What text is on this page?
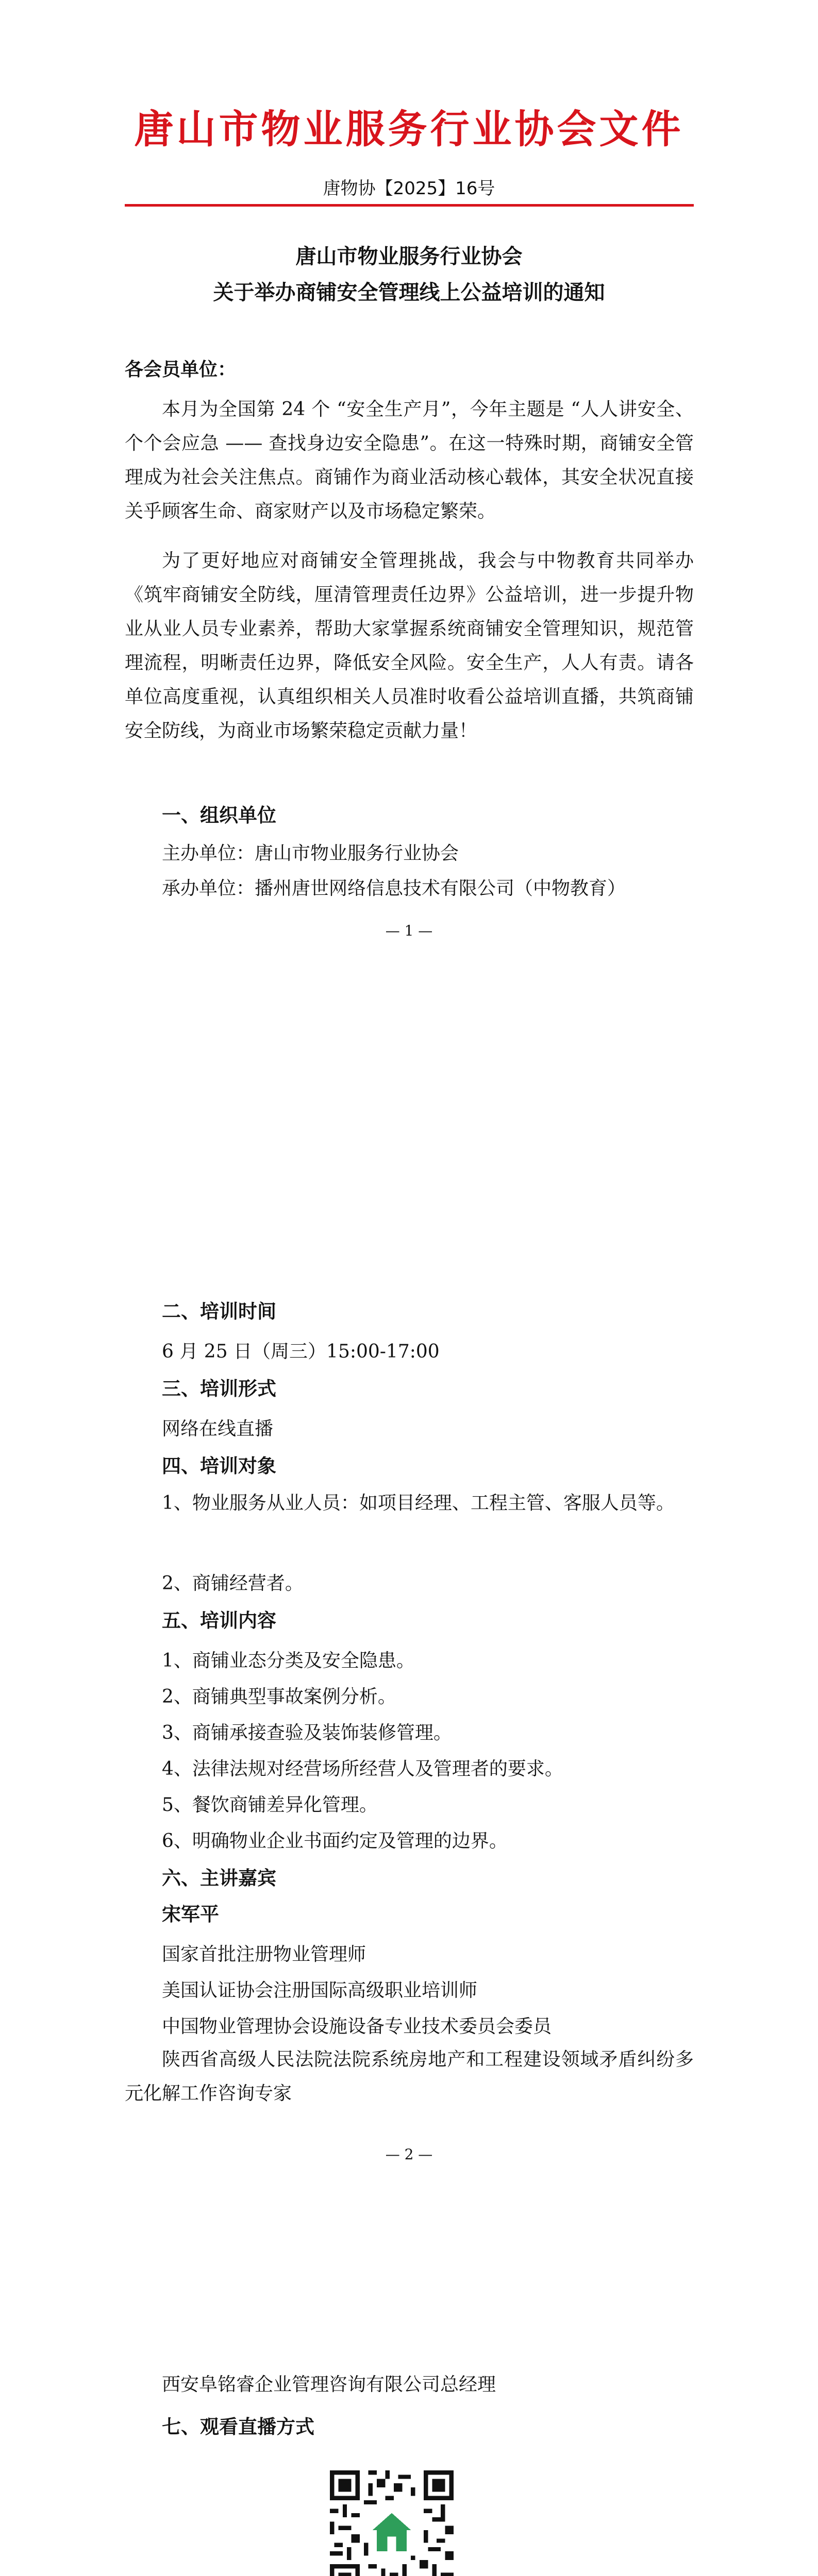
唐山市物业服务行业协会文件
唐物协【2025】16号
唐山市物业服务行业协会
关于举办商铺安全管理线上公益培训的通知
各会员单位：
本月为全国第 24 个 “安全生产月”，今年主题是 “人人讲安全、个个会应急 —— 查找身边安全隐患”。在这一特殊时期，商铺安全管理成为社会关注焦点。商铺作为商业活动核心载体，其安全状况直接关乎顾客生命、商家财产以及市场稳定繁荣。
为了更好地应对商铺安全管理挑战，我会与中物教育共同举办《筑牢商铺安全防线，厘清管理责任边界》公益培训，进一步提升物业从业人员专业素养，帮助大家掌握系统商铺安全管理知识，规范管理流程，明晰责任边界，降低安全风险。安全生产，人人有责。请各单位高度重视，认真组织相关人员准时收看公益培训直播，共筑商铺安全防线，为商业市场繁荣稳定贡献力量！
一、组织单位
主办单位：唐山市物业服务行业协会
承办单位：播州唐世网络信息技术有限公司（中物教育）
— 1 —
二、培训时间
6 月 25 日（周三）15:00-17:00
三、培训形式
网络在线直播
四、培训对象
1、物业服务从业人员：如项目经理、工程主管、客服人员等。
2、商铺经营者。
五、培训内容
1、商铺业态分类及安全隐患。
2、商铺典型事故案例分析。
3、商铺承接查验及装饰装修管理。
4、法律法规对经营场所经营人及管理者的要求。
5、餐饮商铺差异化管理。
6、明确物业企业书面约定及管理的边界。
六、主讲嘉宾
宋军平
国家首批注册物业管理师
美国认证协会注册国际高级职业培训师
中国物业管理协会设施设备专业技术委员会委员
陕西省高级人民法院法院系统房地产和工程建设领域矛盾纠纷多元化解工作咨询专家
— 2 —
西安阜铭睿企业管理咨询有限公司总经理
七、观看直播方式
